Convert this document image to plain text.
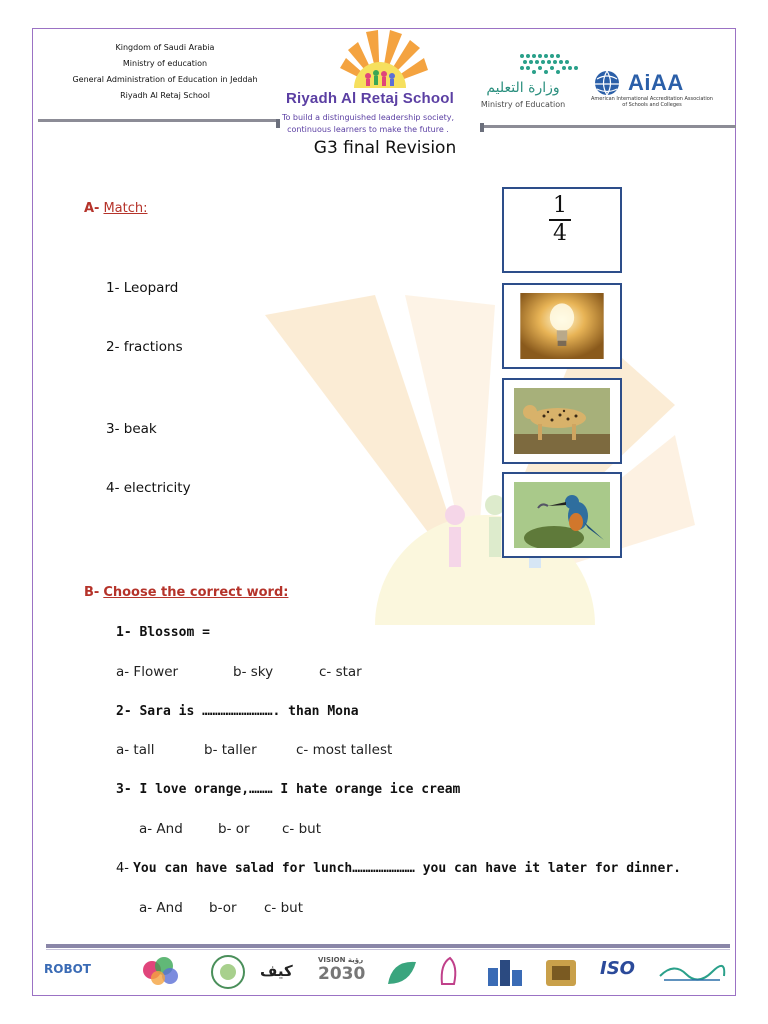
Kingdom of Saudi Arabia
Ministry of education
General Administration of Education in Jeddah
Riyadh Al Retaj School	Riyadh Al Retaj School
To build a distinguished leadership society,
continuous learners to make the future .
وزارة التعليم
Ministry of Education
AiAA
American International Accreditation Association
of Schools and Colleges
G3 final Revision
A- Match:
1- Leopard
2- fractions
3- beak
4- electricity
1
4
B- Choose the correct word:
1- Blossom =
a- Flower	b- sky	c- star
2- Sara is ………………………. than Mona
a- tall	b- taller	c- most tallest
3- I love orange,……… I hate orange ice cream
a- And	b- or c- but
4- You can have salad for lunch…………………… you can have it later for dinner.
a- And b-or c- but
ROBOT	كيف
VISION رؤية
2030	ISO
